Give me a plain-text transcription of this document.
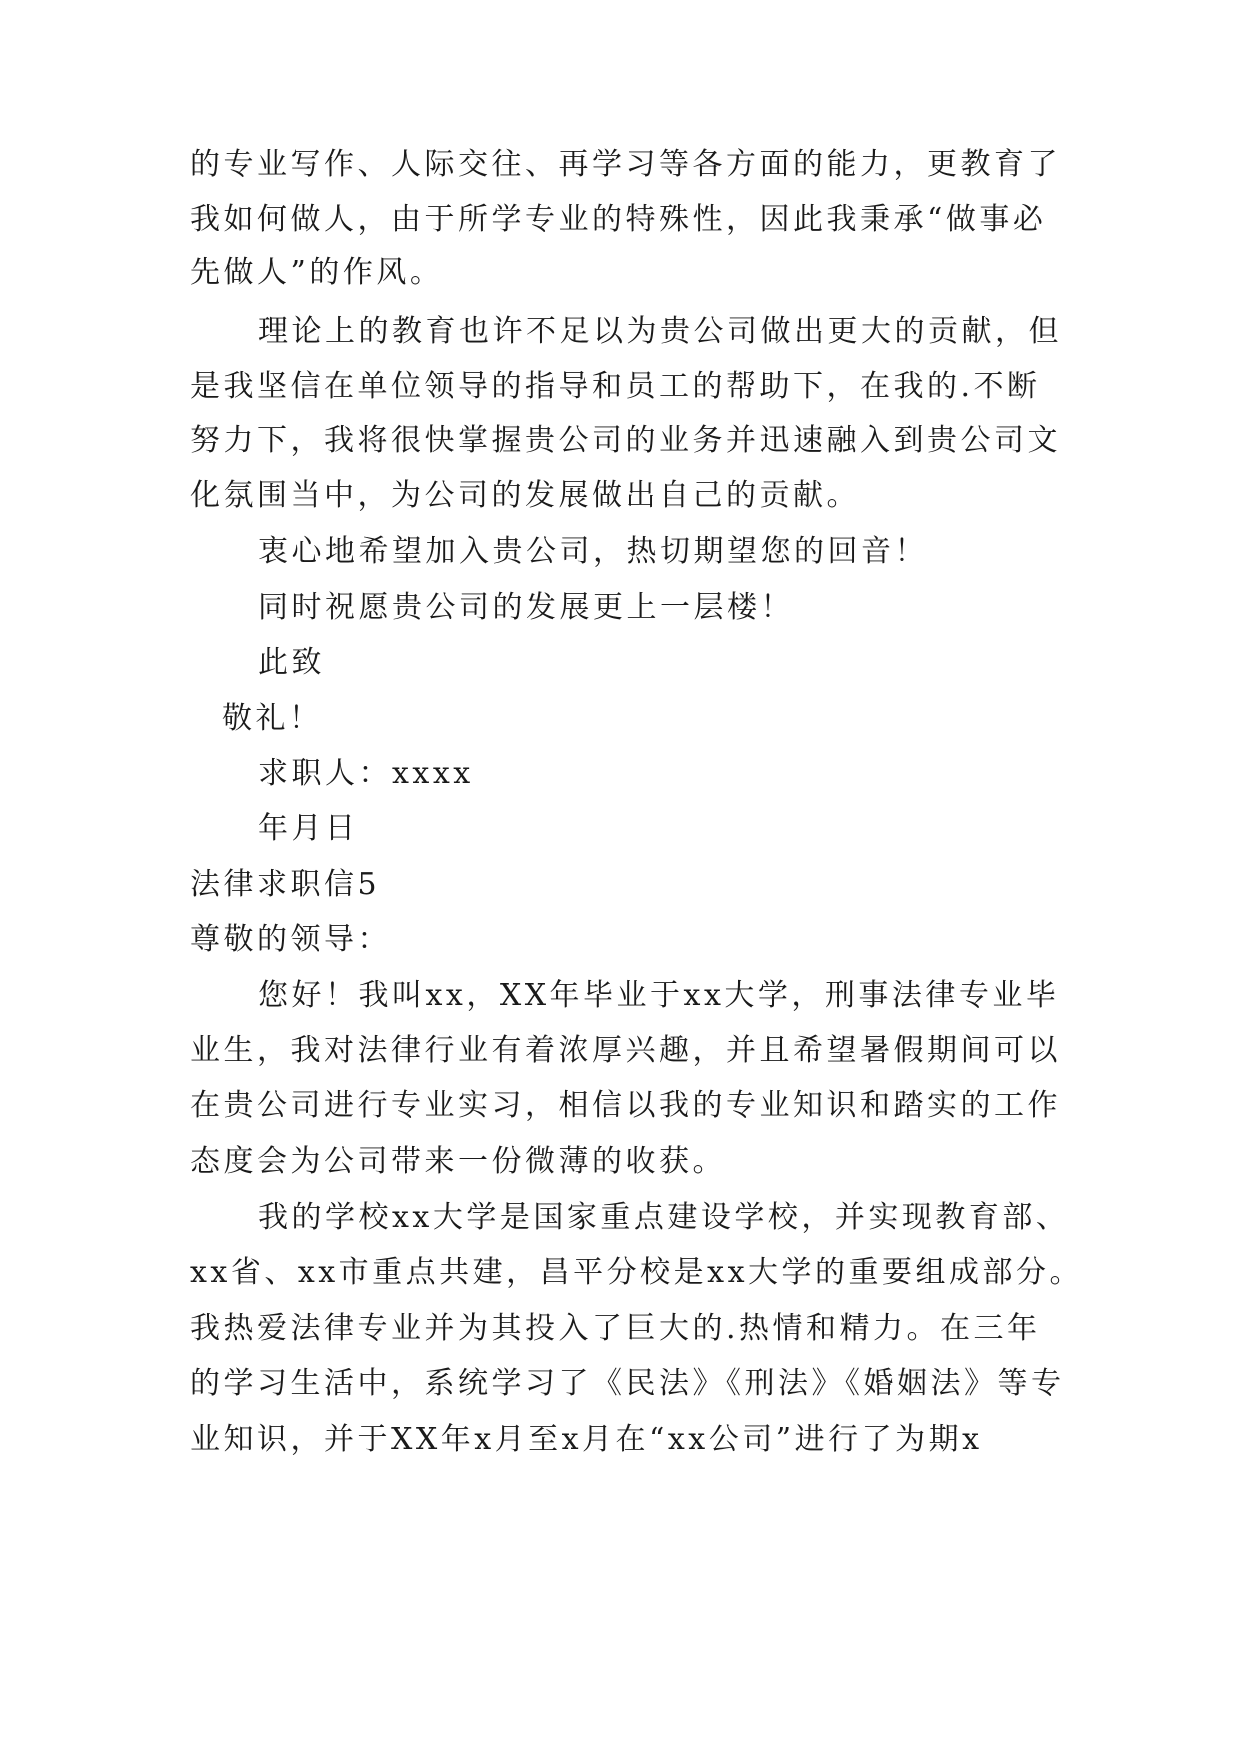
的专业写作、人际交往、再学习等各方面的能力，更教育了
我如何做人，由于所学专业的特殊性，因此我秉承“做事必
先做人”的作风。
理论上的教育也许不足以为贵公司做出更大的贡献，但
是我坚信在单位领导的指导和员工的帮助下，在我的.不断
努力下，我将很快掌握贵公司的业务并迅速融入到贵公司文
化氛围当中，为公司的发展做出自己的贡献。
衷心地希望加入贵公司，热切期望您的回音！
同时祝愿贵公司的发展更上一层楼！
此致
敬礼！
求职人：xxxx
年月日
法律求职信5
尊敬的领导：
您好！我叫xx，XX年毕业于xx大学，刑事法律专业毕
业生，我对法律行业有着浓厚兴趣，并且希望暑假期间可以
在贵公司进行专业实习，相信以我的专业知识和踏实的工作
态度会为公司带来一份微薄的收获。
我的学校xx大学是国家重点建设学校，并实现教育部、
xx省、xx市重点共建，昌平分校是xx大学的重要组成部分。
我热爱法律专业并为其投入了巨大的.热情和精力。在三年
的学习生活中，系统学习了《民法》《刑法》《婚姻法》等专
业知识，并于XX年x月至x月在“xx公司”进行了为期x
